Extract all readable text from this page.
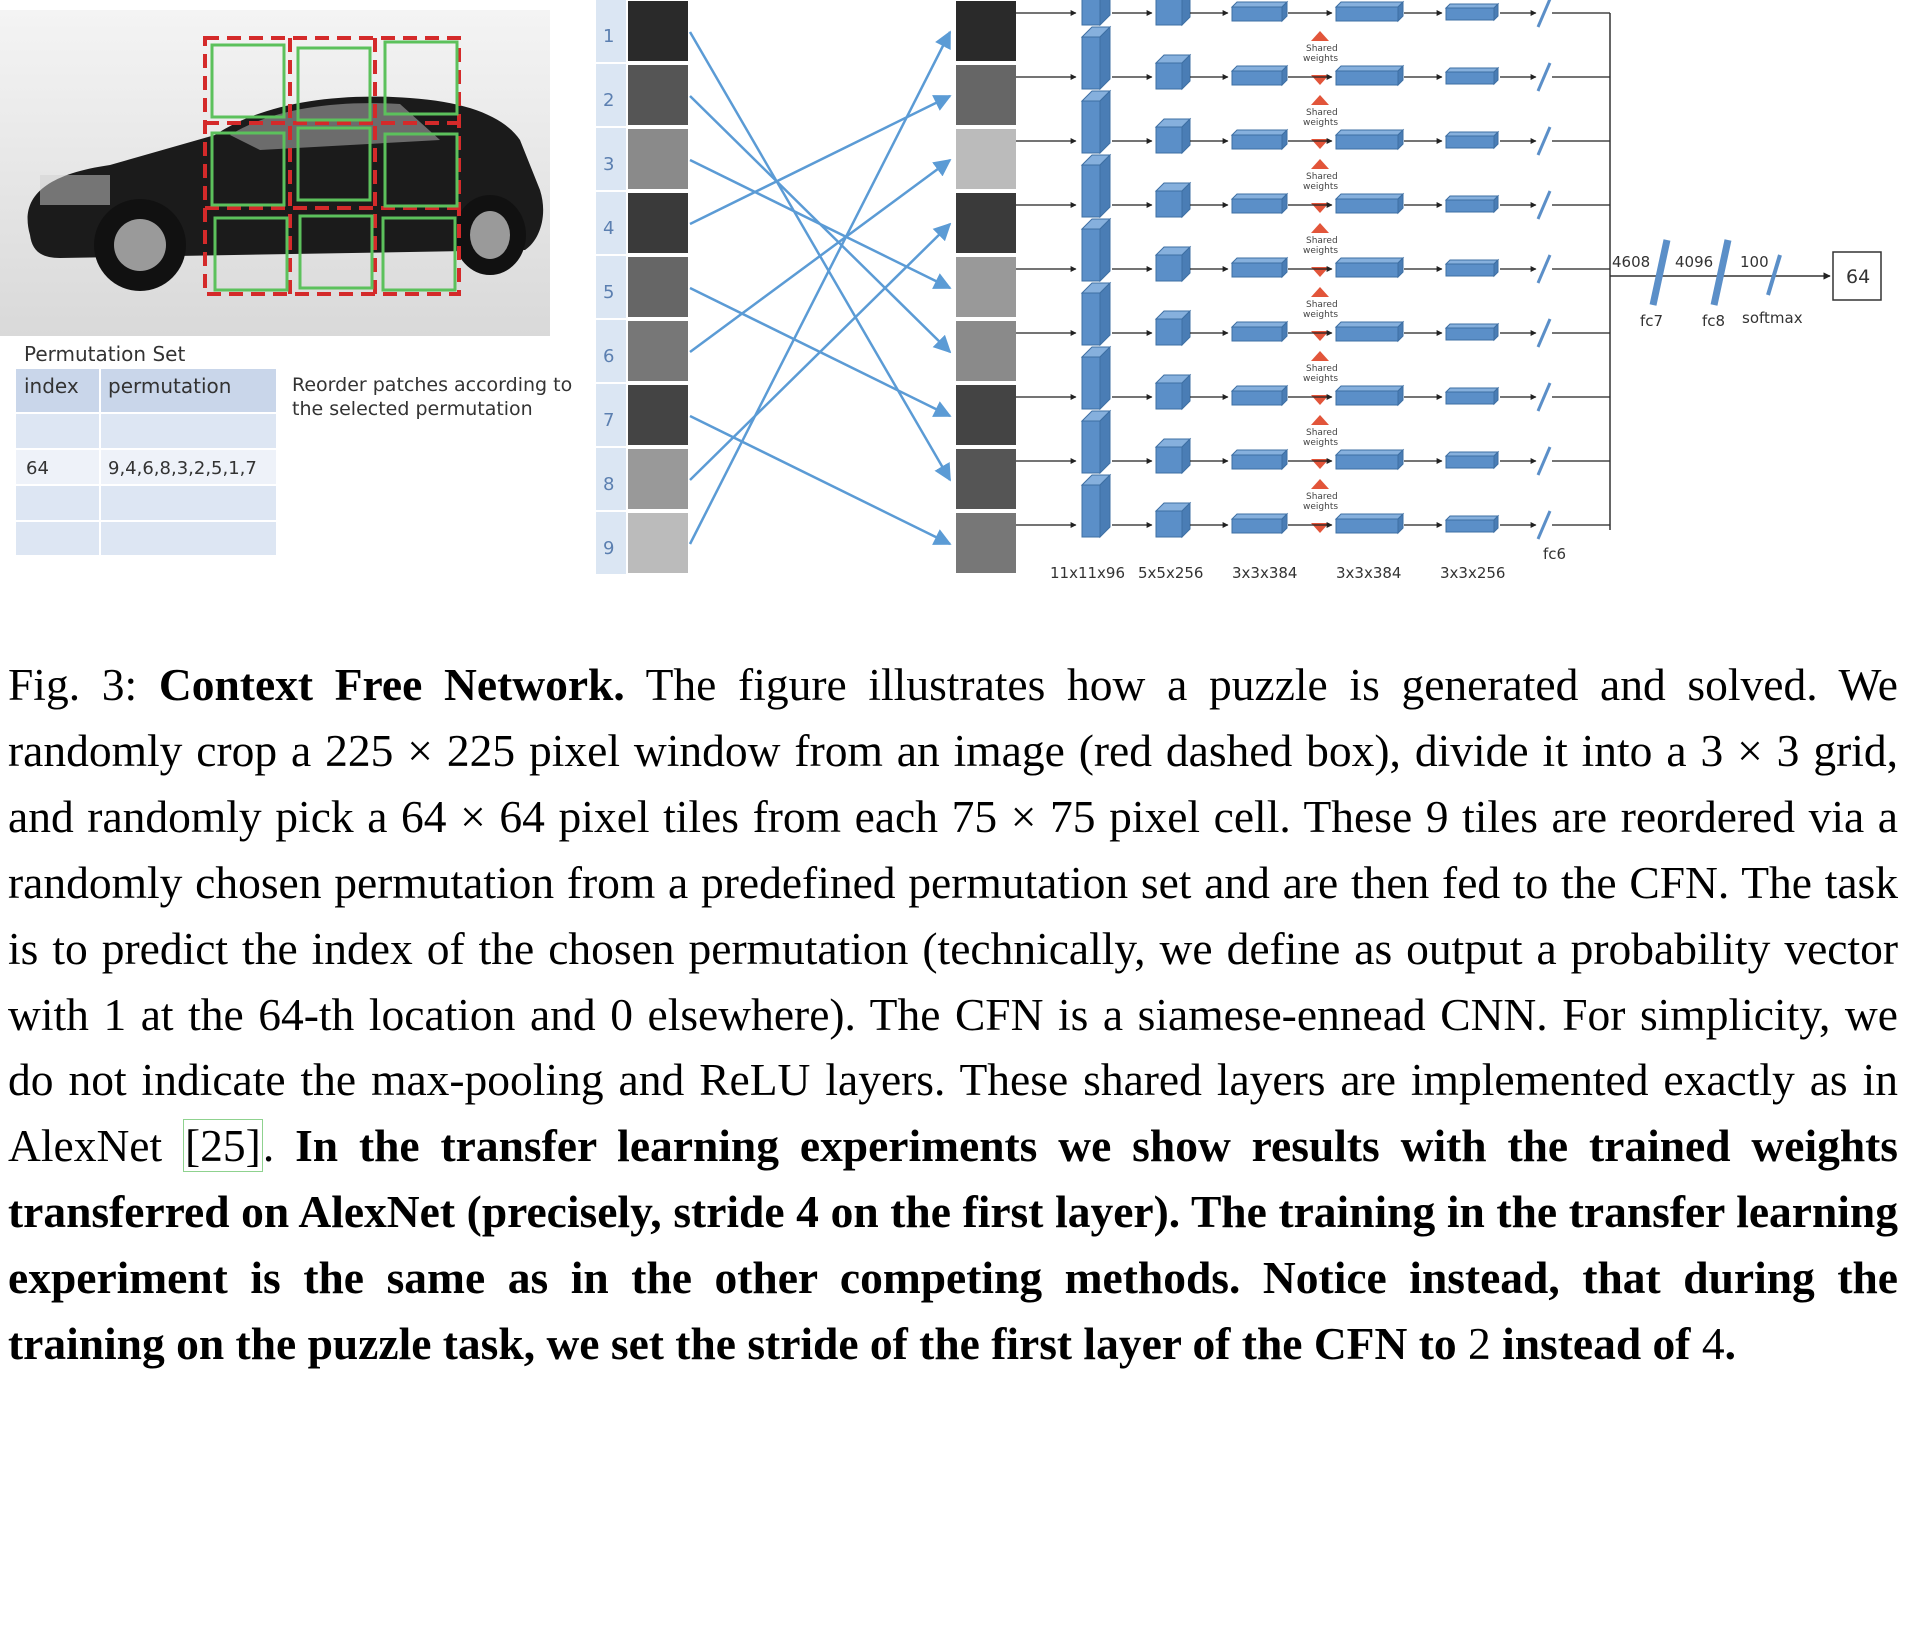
Permutation Set
index permutation
64	9,4,6,8,3,2,5,1,7
Reorder patches according to
the selected permutation
1
2
3
4
5
6
7
8
9
Shared
weights
Shared
weights
Shared
weights
Shared
weights
Shared
weights
Shared
weights
Shared
weights
Shared
weights
11x11x96 5x5x256 3x3x384	3x3x384	3x3x256
fc6
4608 4096 100
fc7	fc8 softmax
64
Fig. 3: Context Free Network. The figure illustrates how a puzzle is generated and solved. We randomly crop a 225 × 225 pixel window from an image (red dashed box), divide it into a 3 × 3 grid, and randomly pick a 64 × 64 pixel tiles from each 75 × 75 pixel cell. These 9 tiles are reordered via a randomly chosen permutation from a predefined permutation set and are then fed to the CFN. The task is to predict the index of the chosen permutation (technically, we define as output a probability vector with 1 at the 64-th location and 0 elsewhere). The CFN is a siamese-ennead CNN. For simplicity, we do not indicate the max-pooling and ReLU layers. These shared layers are implemented exactly as in AlexNet [25]. In the transfer learning experiments we show results with the trained weights transferred on AlexNet (precisely, stride 4 on the first layer). The training in the transfer learning experiment is the same as in the other competing methods. Notice instead, that during the training on the puzzle task, we set the stride of the first layer of the CFN to 2 instead of 4.
